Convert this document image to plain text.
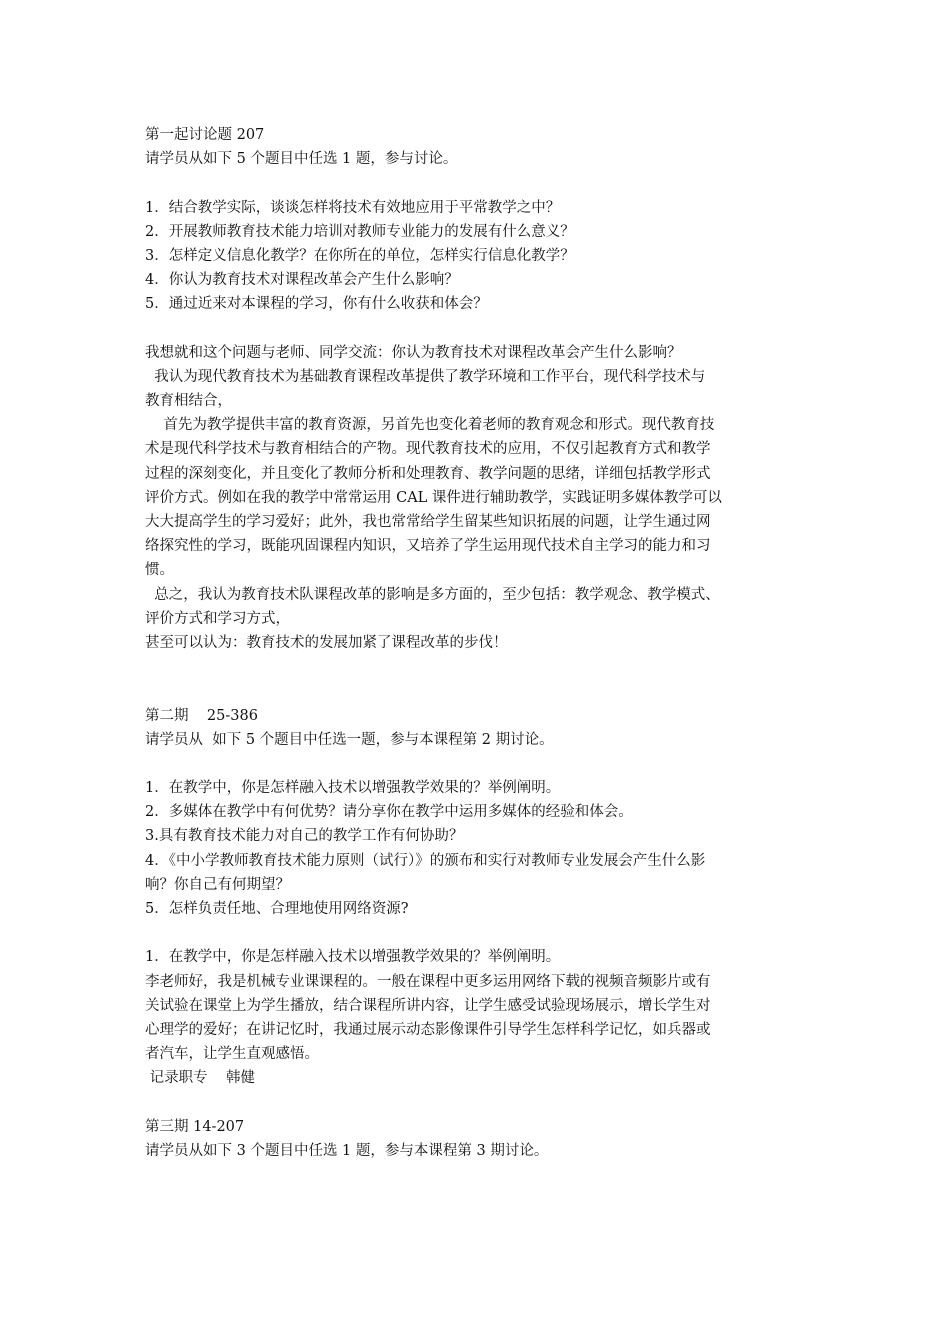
第一起讨论题 207
请学员从如下 5 个题目中任选 1 题，参与讨论。
1．结合教学实际，谈谈怎样将技术有效地应用于平常教学之中？
2．开展教师教育技术能力培训对教师专业能力的发展有什么意义？
3．怎样定义信息化教学？在你所在的单位，怎样实行信息化教学？
4．你认为教育技术对课程改革会产生什么影响？
5．通过近来对本课程的学习，你有什么收获和体会？
我想就和这个问题与老师、同学交流：你认为教育技术对课程改革会产生什么影响？
我认为现代教育技术为基础教育课程改革提供了教学环境和工作平台，现代科学技术与
教育相结合，
首先为教学提供丰富的教育资源，另首先也变化着老师的教育观念和形式。现代教育技
术是现代科学技术与教育相结合的产物。现代教育技术的应用，不仅引起教育方式和教学
过程的深刻变化，并且变化了教师分析和处理教育、教学问题的思绪，详细包括教学形式
评价方式。例如在我的教学中常常运用 CAL 课件进行辅助教学，实践证明多媒体教学可以
大大提高学生的学习爱好；此外，我也常常给学生留某些知识拓展的问题，让学生通过网
络探究性的学习，既能巩固课程内知识，又培养了学生运用现代技术自主学习的能力和习
惯。
总之，我认为教育技术队课程改革的影响是多方面的，至少包括：教学观念、教学模式、
评价方式和学习方式，
甚至可以认为：教育技术的发展加紧了课程改革的步伐！
第二期    25-386
请学员从  如下 5 个题目中任选一题，参与本课程第 2 期讨论。
1．在教学中，你是怎样融入技术以增强教学效果的？举例阐明。
2．多媒体在教学中有何优势？请分享你在教学中运用多媒体的经验和体会。
3.具有教育技术能力对自己的教学工作有何协助？
4．《中小学教师教育技术能力原则（试行）》的颁布和实行对教师专业发展会产生什么影
响？你自己有何期望？
5．怎样负责任地、合理地使用网络资源?
1．在教学中，你是怎样融入技术以增强教学效果的？举例阐明。
李老师好，我是机械专业课课程的。一般在课程中更多运用网络下载的视频音频影片或有
关试验在课堂上为学生播放，结合课程所讲内容，让学生感受试验现场展示，增长学生对
心理学的爱好；在讲记忆时，我通过展示动态影像课件引导学生怎样科学记忆，如兵器或
者汽车，让学生直观感悟。
记录职专    韩健
第三期 14-207
请学员从如下 3 个题目中任选 1 题，参与本课程第 3 期讨论。
